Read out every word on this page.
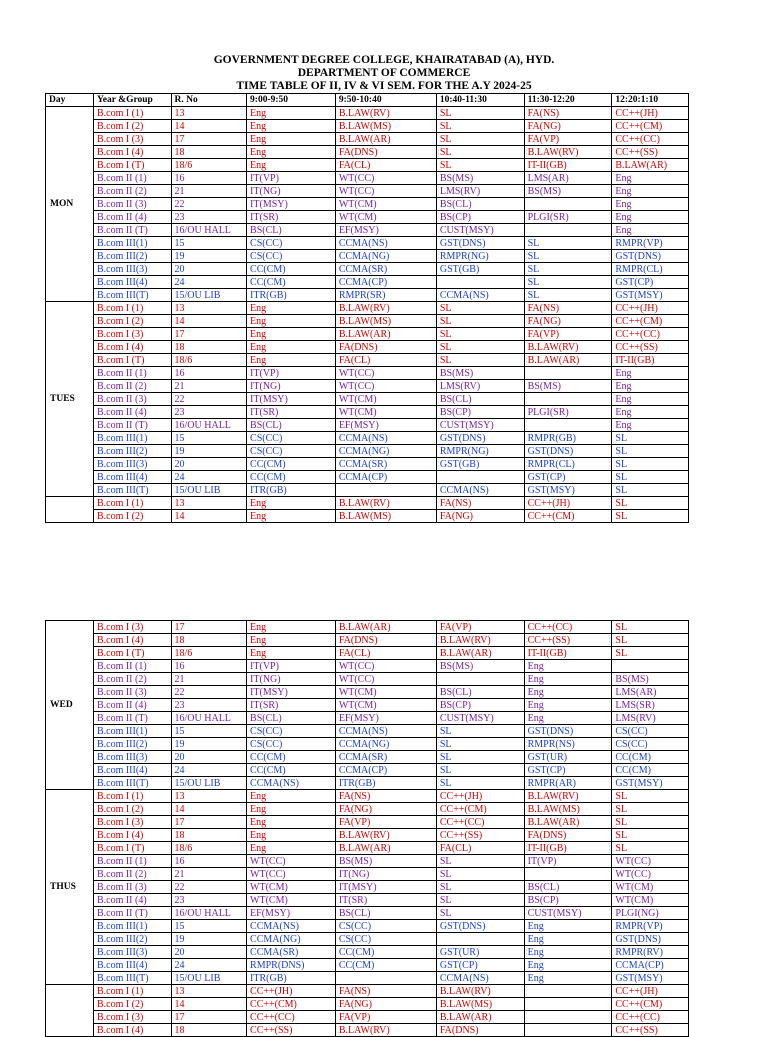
GOVERNMENT DEGREE COLLEGE, KHAIRATABAD (A), HYD.
DEPARTMENT OF COMMERCE
TIME TABLE OF II, IV & VI SEM. FOR THE A.Y 2024-25
Day	Year &Group	R. No	9:00-9:50	9:50-10:40	10:40-11:30	11:30-12:20	12:20:1:10
MON	B.com I (1)	13	Eng	B.LAW(RV)	SL	FA(NS)	CC++(JH)
	B.com I (2)	14	Eng	B.LAW(MS)	SL	FA(NG)	CC++(CM)
	B.com I (3)	17	Eng	B.LAW(AR)	SL	FA(VP)	CC++(CC)
	B.com I (4)	18	Eng	FA(DNS)	SL	B.LAW(RV)	CC++(SS)
	B.com I (T)	18/6	Eng	FA(CL)	SL	IT-II(GB)	B.LAW(AR)
	B.com II (1)	16	IT(VP)	WT(CC)	BS(MS)	LMS(AR)	Eng
	B.com II (2)	21	IT(NG)	WT(CC)	LMS(RV)	BS(MS)	Eng
	B.com II (3)	22	IT(MSY)	WT(CM)	BS(CL)		Eng
	B.com II (4)	23	IT(SR)	WT(CM)	BS(CP)	PLGI(SR)	Eng
	B.com II (T)	16/OU HALL	BS(CL)	EF(MSY)	CUST(MSY)		Eng
	B.com III(1)	15	CS(CC)	CCMA(NS)	GST(DNS)	SL	RMPR(VP)
	B.com III(2)	19	CS(CC)	CCMA(NG)	RMPR(NG)	SL	GST(DNS)
	B.com III(3)	20	CC(CM)	CCMA(SR)	GST(GB)	SL	RMPR(CL)
	B.com III(4)	24	CC(CM)	CCMA(CP)		SL	GST(CP)
	B.com III(T)	15/OU LIB	ITR(GB)	RMPR(SR)	CCMA(NS)	SL	GST(MSY)
TUES	B.com I (1)	13	Eng	B.LAW(RV)	SL	FA(NS)	CC++(JH)
	B.com I (2)	14	Eng	B.LAW(MS)	SL	FA(NG)	CC++(CM)
	B.com I (3)	17	Eng	B.LAW(AR)	SL	FA(VP)	CC++(CC)
	B.com I (4)	18	Eng	FA(DNS)	SL	B.LAW(RV)	CC++(SS)
	B.com I (T)	18/6	Eng	FA(CL)	SL	B.LAW(AR)	IT-II(GB)
	B.com II (1)	16	IT(VP)	WT(CC)	BS(MS)		Eng
	B.com II (2)	21	IT(NG)	WT(CC)	LMS(RV)	BS(MS)	Eng
	B.com II (3)	22	IT(MSY)	WT(CM)	BS(CL)		Eng
	B.com II (4)	23	IT(SR)	WT(CM)	BS(CP)	PLGI(SR)	Eng
	B.com II (T)	16/OU HALL	BS(CL)	EF(MSY)	CUST(MSY)		Eng
	B.com III(1)	15	CS(CC)	CCMA(NS)	GST(DNS)	RMPR(GB)	SL
	B.com III(2)	19	CS(CC)	CCMA(NG)	RMPR(NG)	GST(DNS)	SL
	B.com III(3)	20	CC(CM)	CCMA(SR)	GST(GB)	RMPR(CL)	SL
	B.com III(4)	24	CC(CM)	CCMA(CP)		GST(CP)	SL
	B.com III(T)	15/OU LIB	ITR(GB)		CCMA(NS)	GST(MSY)	SL
	B.com I (1)	13	Eng	B.LAW(RV)	FA(NS)	CC++(JH)	SL
	B.com I (2)	14	Eng	B.LAW(MS)	FA(NG)	CC++(CM)	SL
WED	B.com I (3)	17	Eng	B.LAW(AR)	FA(VP)	CC++(CC)	SL
	B.com I (4)	18	Eng	FA(DNS)	B.LAW(RV)	CC++(SS)	SL
	B.com I (T)	18/6	Eng	FA(CL)	B.LAW(AR)	IT-II(GB)	SL
	B.com II (1)	16	IT(VP)	WT(CC)	BS(MS)	Eng	
	B.com II (2)	21	IT(NG)	WT(CC)		Eng	BS(MS)
	B.com II (3)	22	IT(MSY)	WT(CM)	BS(CL)	Eng	LMS(AR)
	B.com II (4)	23	IT(SR)	WT(CM)	BS(CP)	Eng	LMS(SR)
	B.com II (T)	16/OU HALL	BS(CL)	EF(MSY)	CUST(MSY)	Eng	LMS(RV)
	B.com III(1)	15	CS(CC)	CCMA(NS)	SL	GST(DNS)	CS(CC)
	B.com III(2)	19	CS(CC)	CCMA(NG)	SL	RMPR(NS)	CS(CC)
	B.com III(3)	20	CC(CM)	CCMA(SR)	SL	GST(UR)	CC(CM)
	B.com III(4)	24	CC(CM)	CCMA(CP)	SL	GST(CP)	CC(CM)
	B.com III(T)	15/OU LIB	CCMA(NS)	ITR(GB)	SL	RMPR(AR)	GST(MSY)
THUS	B.com I (1)	13	Eng	FA(NS)	CC++(JH)	B.LAW(RV)	SL
	B.com I (2)	14	Eng	FA(NG)	CC++(CM)	B.LAW(MS)	SL
	B.com I (3)	17	Eng	FA(VP)	CC++(CC)	B.LAW(AR)	SL
	B.com I (4)	18	Eng	B.LAW(RV)	CC++(SS)	FA(DNS)	SL
	B.com I (T)	18/6	Eng	B.LAW(AR)	FA(CL)	IT-II(GB)	SL
	B.com II (1)	16	WT(CC)	BS(MS)	SL	IT(VP)	WT(CC)
	B.com II (2)	21	WT(CC)	IT(NG)	SL		WT(CC)
	B.com II (3)	22	WT(CM)	IT(MSY)	SL	BS(CL)	WT(CM)
	B.com II (4)	23	WT(CM)	IT(SR)	SL	BS(CP)	WT(CM)
	B.com II (T)	16/OU HALL	EF(MSY)	BS(CL)	SL	CUST(MSY)	PLGI(NG)
	B.com III(1)	15	CCMA(NS)	CS(CC)	GST(DNS)	Eng	RMPR(VP)
	B.com III(2)	19	CCMA(NG)	CS(CC)		Eng	GST(DNS)
	B.com III(3)	20	CCMA(SR)	CC(CM)	GST(UR)	Eng	RMPR(RV)
	B.com III(4)	24	RMPR(DNS)	CC(CM)	GST(CP)	Eng	CCMA(CP)
	B.com III(T)	15/OU LIB	ITR(GB)		CCMA(NS)	Eng	GST(MSY)
	B.com I (1)	13	CC++(JH)	FA(NS)	B.LAW(RV)		CC++(JH)
	B.com I (2)	14	CC++(CM)	FA(NG)	B.LAW(MS)		CC++(CM)
	B.com I (3)	17	CC++(CC)	FA(VP)	B.LAW(AR)		CC++(CC)
	B.com I (4)	18	CC++(SS)	B.LAW(RV)	FA(DNS)		CC++(SS)
